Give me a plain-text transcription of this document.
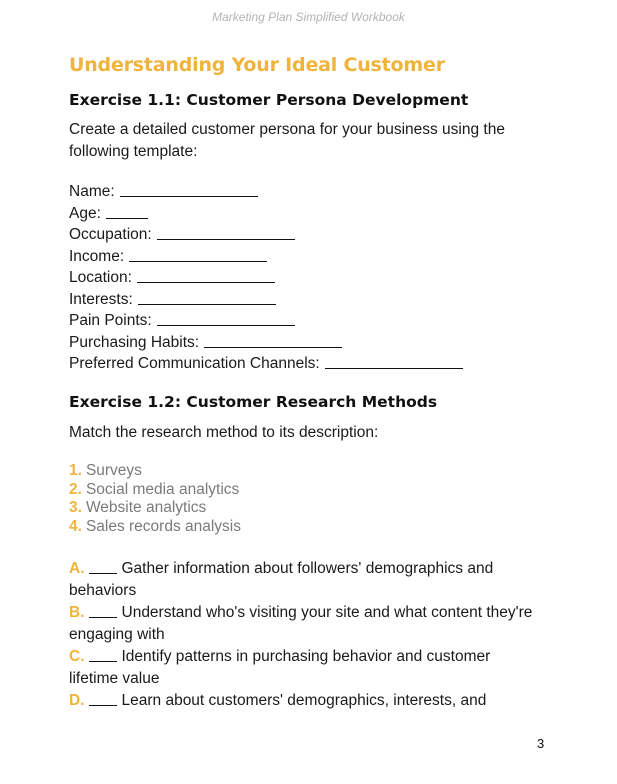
Marketing Plan Simplified Workbook
Understanding Your Ideal Customer
Exercise 1.1: Customer Persona Development

Create a detailed customer persona for your business using the following template:

Name:
Age:
Occupation:
Income:
Location:
Interests:
Pain Points:
Purchasing Habits:
Preferred Communication Channels:
Exercise 1.2: Customer Research Methods

Match the research method to its description:

1. Surveys
2. Social media analytics
3. Website analytics
4. Sales records analysis
A. Gather information about followers' demographics and behaviors
B. Understand who's visiting your site and what content they're engaging with
C. Identify patterns in purchasing behavior and customer lifetime value
D. Learn about customers' demographics, interests, and
3
